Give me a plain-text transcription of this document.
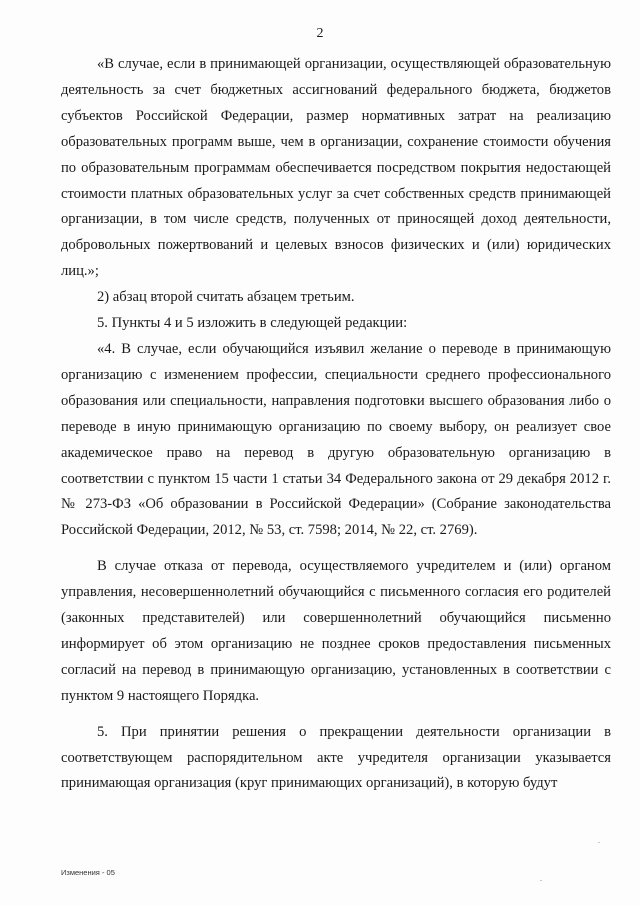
2

«В случае, если в принимающей организации, осуществляющей образовательную деятельность за счет бюджетных ассигнований федерального бюджета, бюджетов субъектов Российской Федерации, размер нормативных затрат на реализацию образовательных программ выше, чем в организации, сохранение стоимости обучения по образовательным программам обеспечивается посредством покрытия недостающей стоимости платных образовательных услуг за счет собственных средств принимающей организации, в том числе средств, полученных от приносящей доход деятельности, добровольных пожертвований и целевых взносов физических и (или) юридических лиц.»;

2) абзац второй считать абзацем третьим.

5. Пункты 4 и 5 изложить в следующей редакции:

«4. В случае, если обучающийся изъявил желание о переводе в принимающую организацию с изменением профессии, специальности среднего профессионального образования или специальности, направления подготовки высшего образования либо о переводе в иную принимающую организацию по своему выбору, он реализует свое академическое право на перевод в другую образовательную организацию в соответствии с пунктом 15 части 1 статьи 34 Федерального закона от 29 декабря 2012 г. № 273-ФЗ «Об образовании в Российской Федерации» (Собрание законодательства Российской Федерации, 2012, № 53, ст. 7598; 2014, № 22, ст. 2769).

В случае отказа от перевода, осуществляемого учредителем и (или) органом управления, несовершеннолетний обучающийся с письменного согласия его родителей (законных представителей) или совершеннолетний обучающийся письменно информирует об этом организацию не позднее сроков предоставления письменных согласий на перевод в принимающую организацию, установленных в соответствии с пунктом 9 настоящего Порядка.

5. При принятии решения о прекращении деятельности организации в соответствующем распорядительном акте учредителя организации указывается принимающая организация (круг принимающих организаций), в которую будут

Изменения - 05
